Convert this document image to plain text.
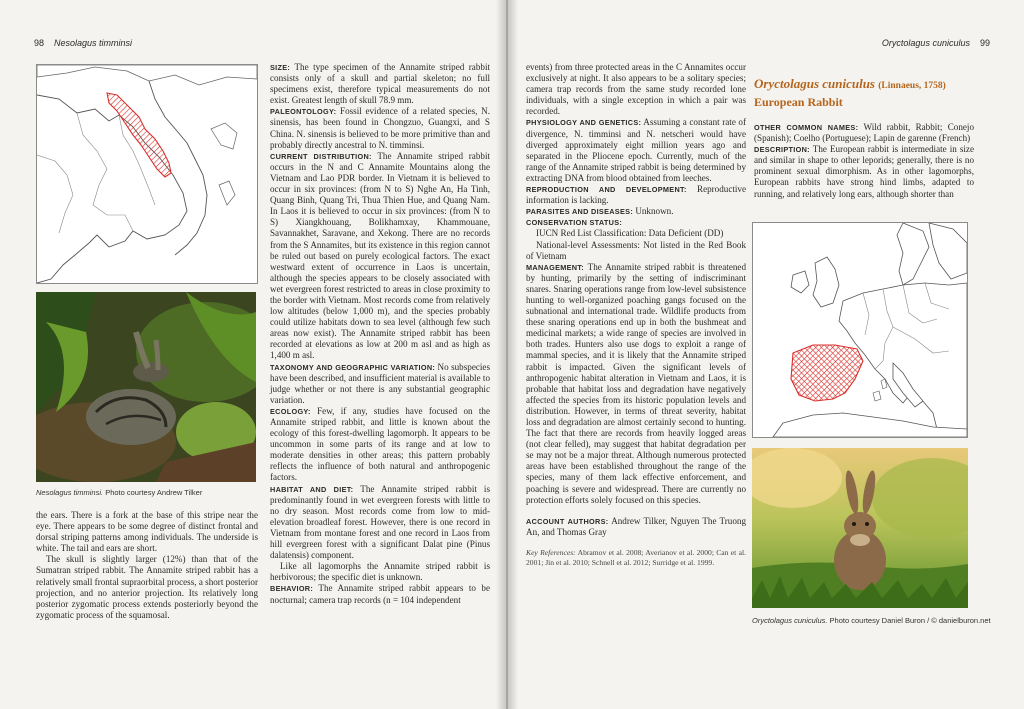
98 Nesolagus timminsi
Nesolagus timminsi. Photo courtesy Andrew Tilker

the ears. There is a fork at the base of this stripe near the eye. There appears to be some degree of distinct frontal and dorsal striping patterns among individuals. The underside is white. The tail and ears are short.

The skull is slightly larger (12%) than that of the Sumatran striped rabbit. The Annamite striped rabbit has a relatively small frontal supraorbital process, a short posterior projection, and no anterior projection. Its relatively long posterior zygomatic process extends posteriorly beyond the zygomatic process of the squamosal.

SIZE: The type specimen of the Annamite striped rabbit consists only of a skull and partial skeleton; no full specimens exist, therefore typical measurements do not exist. Greatest length of skull 78.9 mm.

PALEONTOLOGY: Fossil evidence of a related species, N. sinensis, has been found in Chongzuo, Guangxi, and S China. N. sinensis is believed to be more primitive than and probably directly ancestral to N. timminsi.

CURRENT DISTRIBUTION: The Annamite striped rabbit occurs in the N and C Annamite Mountains along the Vietnam and Lao PDR border. In Vietnam it is believed to occur in six provinces: (from N to S) Nghe An, Ha Tinh, Quang Binh, Quang Tri, Thua Thien Hue, and Quang Nam. In Laos it is believed to occur in six provinces: (from N to S) Xiangkhouang, Bolikhamxay, Khammouane, Savannakhet, Saravane, and Xekong. There are no records from the S Annamites, but its existence in this region cannot be ruled out based on purely ecological factors. The exact westward extent of occurrence in Laos is uncertain, although the species appears to be closely associated with wet evergreen forest restricted to areas in close proximity to the border with Vietnam. Most records come from relatively low altitudes (below 1,000 m), and the species probably could utilize habitats down to sea level (although few such areas now exist). The Annamite striped rabbit has been recorded at elevations as low at 200 m asl and as high as 1,400 m asl.

TAXONOMY AND GEOGRAPHIC VARIATION: No subspecies have been described, and insufficient material is available to judge whether or not there is any substantial geographic variation.

ECOLOGY: Few, if any, studies have focused on the Annamite striped rabbit, and little is known about the ecology of this forest-dwelling lagomorph. It appears to be uncommon in some parts of its range and at low to moderate densities in other areas; this pattern probably reflects the influence of both natural and anthropogenic factors.

HABITAT AND DIET: The Annamite striped rabbit is predominantly found in wet evergreen forests with little to no dry season. Most records come from low to mid-elevation broadleaf forest. However, there is one record in Vietnam from montane forest and one record in Laos from hill evergreen forest with a significant Dalat pine (Pinus dalatensis) component.

Like all lagomorphs the Annamite striped rabbit is herbivorous; the specific diet is unknown.

BEHAVIOR: The Annamite striped rabbit appears to be nocturnal; camera trap records (n = 104 independent

Oryctolagus cuniculus 99

events) from three protected areas in the C Annamites occur exclusively at night. It also appears to be a solitary species; camera trap records from the same study recorded lone individuals, with a single exception in which a pair was recorded.

PHYSIOLOGY AND GENETICS: Assuming a constant rate of divergence, N. timminsi and N. netscheri would have diverged approximately eight million years ago and separated in the Pliocene epoch. Currently, much of the range of the Annamite striped rabbit is being determined by extracting DNA from blood obtained from leeches.

REPRODUCTION AND DEVELOPMENT: Reproductive information is lacking.

PARASITES AND DISEASES: Unknown.

CONSERVATION STATUS:

IUCN Red List Classification: Data Deficient (DD)

National-level Assessments: Not listed in the Red Book of Vietnam

MANAGEMENT: The Annamite striped rabbit is threatened by hunting, primarily by the setting of indiscriminant snares. Snaring operations range from low-level subsistence hunting to well-organized poaching gangs focused on the subnational and international trade. Wildlife products from these snaring operations end up in both the bushmeat and medicinal markets; a wide range of species are involved in both trades. Hunters also use dogs to exploit a range of mammal species, and it is likely that the Annamite striped rabbit is impacted. Given the significant levels of anthropogenic habitat alteration in Vietnam and Laos, it is probable that habitat loss and degradation have negatively affected the species from its historic population levels and distribution. However, in terms of threat severity, habitat loss and degradation are almost certainly second to hunting. The fact that there are records from heavily logged areas (not clear felled), may suggest that habitat degradation per se may not be a major threat. Although numerous protected areas have been established throughout the range of the species, many of them lack effective enforcement, and poaching is severe and widespread. There are currently no protection efforts solely focused on this species.

ACCOUNT AUTHORS: Andrew Tilker, Nguyen The Truong An, and Thomas Gray

Key References: Abramov et al. 2008; Averianov et al. 2000; Can et al. 2001; Jin et al. 2010; Schnell et al. 2012; Surridge et al. 1999.

Oryctolagus cuniculus (Linnaeus, 1758)
European Rabbit

OTHER COMMON NAMES: Wild rabbit, Rabbit; Conejo (Spanish); Coelho (Portuguese); Lapin de garenne (French)

DESCRIPTION: The European rabbit is intermediate in size and similar in shape to other leporids; generally, there is no prominent sexual dimorphism. As in other lagomorphs, European rabbits have strong hind limbs, adapted to running, and relatively long ears, although shorter than

Oryctolagus cuniculus. Photo courtesy Daniel Buron / © danielburon.net
